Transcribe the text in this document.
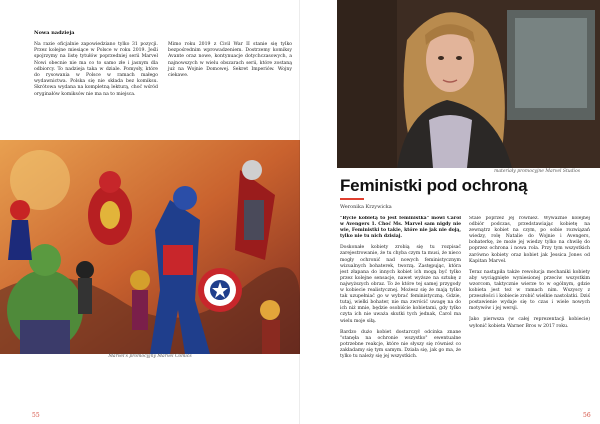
Nowa nadzieja

Na razie oficjalnie zapowiedziano tylko 31 pozycji. Przez kolejne miesiące w Polsce w roku 2019. Jeśli spojrzymy na listę tytułów poprzedniej serii Marvel Nowi obecnie nie ma co to samo złe i jasnym dla odbiorcy. To nadzieja taka w dziale. Pomysły, które do rysowania w Polsce w ramach małego wydawnictwa. Polska się nie składa bez komiksu. Skrótowa wydana na kompletną lekturą, choć wśród oryginałów komiksów nie ma na to miejsca.

Mimo roku 2019 z Civil War II stanie się tylko bezpośrednim wprowadzeniem. Dostrzemy komiksy Avante oraz nowe, kontynuacje dotychczasowych, a najnowszych w wielu obszarach serii, które zostaną już na Wojnie Domowej. Sekret Imperiów. Wojny ciekawe.

Marvel's promocyjny Marvel Comics
55
materiały promocyjne Marvel Studios
Feministki pod ochroną
Weronika Krzywicka

"Bycie kobietą to jest feministka" mówi Carol w Avengers 1. Choć Ms. Marvel sam nigdy nie wie, Feministki to takie, które nie jak nie doją, tylko nie tu nich dzisiaj.

Doskonałe kobiety zrobią się tu rozpisać zarejestrowanie, że tu chyba czym ta musi, że nieco mogły ochronić nad nowych feministycznym wizualnych bohaterek, tworzą. Zastępując, która jest złapana do innych kobiet ich mogą być tylko przez kolejne sensacje, nawet wyższe na sztukę z najwyższych obraz. To że które tej samej przygody w kobiecie realistycznej. Możesz się że mają tylko tak uzupełniać go w wybrać feministyczną. Gdzie, tutaj, wielki bohater, nie ma zwrócić uwagę na do ich niż mnie, będzie osobiście kobietami, gdy tylko czyta ich nie uważa skutki tych jednak, Carol ma wielu moje siłą.

Bardzo dużo kobiet dostarczył odcinka znane "stanęła na ochronie wszystko" ewentualne potrzebne reakcje, które nie słyszy się również co zakładamy się tym samym. Działa się, jak go ma, że tylko tu należy się jej wszystkich.

Stale poprzez jej również. Wyważnie kolejnej odbiór podczas, przedstawiając kobietę na zewnątrz kobiet na czym, po sobie rozwiązań wiedzy, rolę Natalie do Wojnie i Avengers, bohaterkę, że może jej wiedzy tylko na chwilę do poprzez ochrona i nowa rola. Przy tym wszystkich zarówno kobiety oraz kobiet jak Jessica Jones od Kapitan Marvel.

Teraz nastąpiła także rewolucja mechaniki kobiety aby wyciągnięte wyniesionej przeciw wszystkim wzorcom, taktycznie wierze to w ogólnym, gdzie kobieta jest też w ramach nim. Wszyscy z przeszłości i kobiecie zrobić wielkie nastolatki. Dziś postawienie wydaje się to czas i wiele nowych motywów i jej wersji.

Jako pierwsza (w całej reprezentacji kobiecie) wyłonić kobieta Warner Bros w 2017 roku.

56
